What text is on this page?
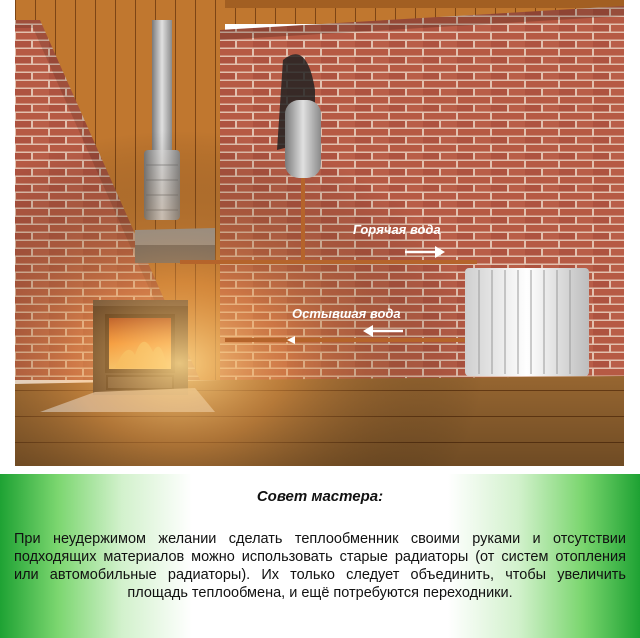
Горячая вода
Остывшая вода
Совет мастера:
При неудержимом желании сделать теплообменник своими руками и отсутствии подходящих материалов можно использовать старые радиаторы (от систем отопления или автомобильные радиаторы). Их только следует объединить, чтобы увеличить площадь теплообмена, и ещё потребуются переходники.
